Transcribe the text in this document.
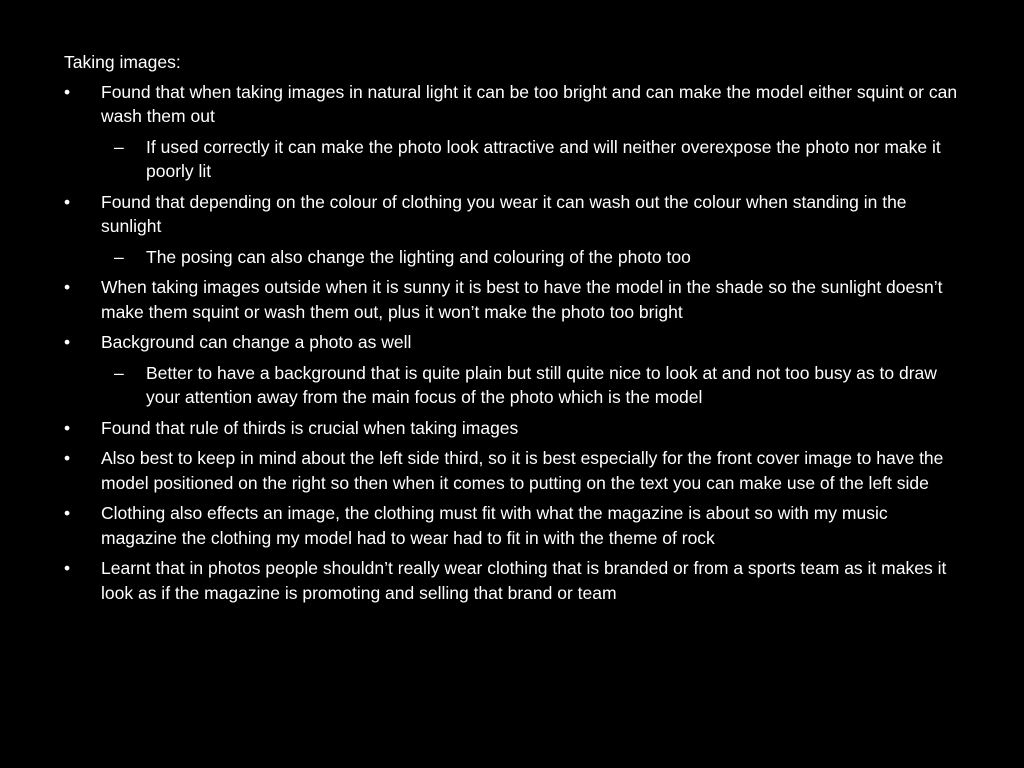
Taking images:
•	Found that when taking images in natural light it can be too bright and can make the model either squint or can wash them out
–	If used correctly it can make the photo look attractive and will neither overexpose the photo nor make it poorly lit
•	Found that depending on the colour of clothing you wear it can wash out the colour when standing in the sunlight
–	The posing can also change the lighting and colouring of the photo too
•	When taking images outside when it is sunny it is best to have the model in the shade so the sunlight doesn’t make them squint or wash them out, plus it won’t make the photo too bright
•	Background can change a photo as well
–	Better to have a background that is quite plain but still quite nice to look at and not too busy as to draw your attention away from the main focus of the photo which is the model
•	Found that rule of thirds is crucial when taking images
•	Also best to keep in mind about the left side third, so it is best especially for the front cover image to have the model positioned on the right so then when it comes to putting on the text you can make use of the left side
•	Clothing also effects an image, the clothing must fit with what the magazine is about so with my music magazine the clothing my model had to wear had to fit in with the theme of rock
•	Learnt that in photos people shouldn’t really wear clothing that is branded or from a sports team as it makes it look as if the magazine is promoting and selling that brand or team
